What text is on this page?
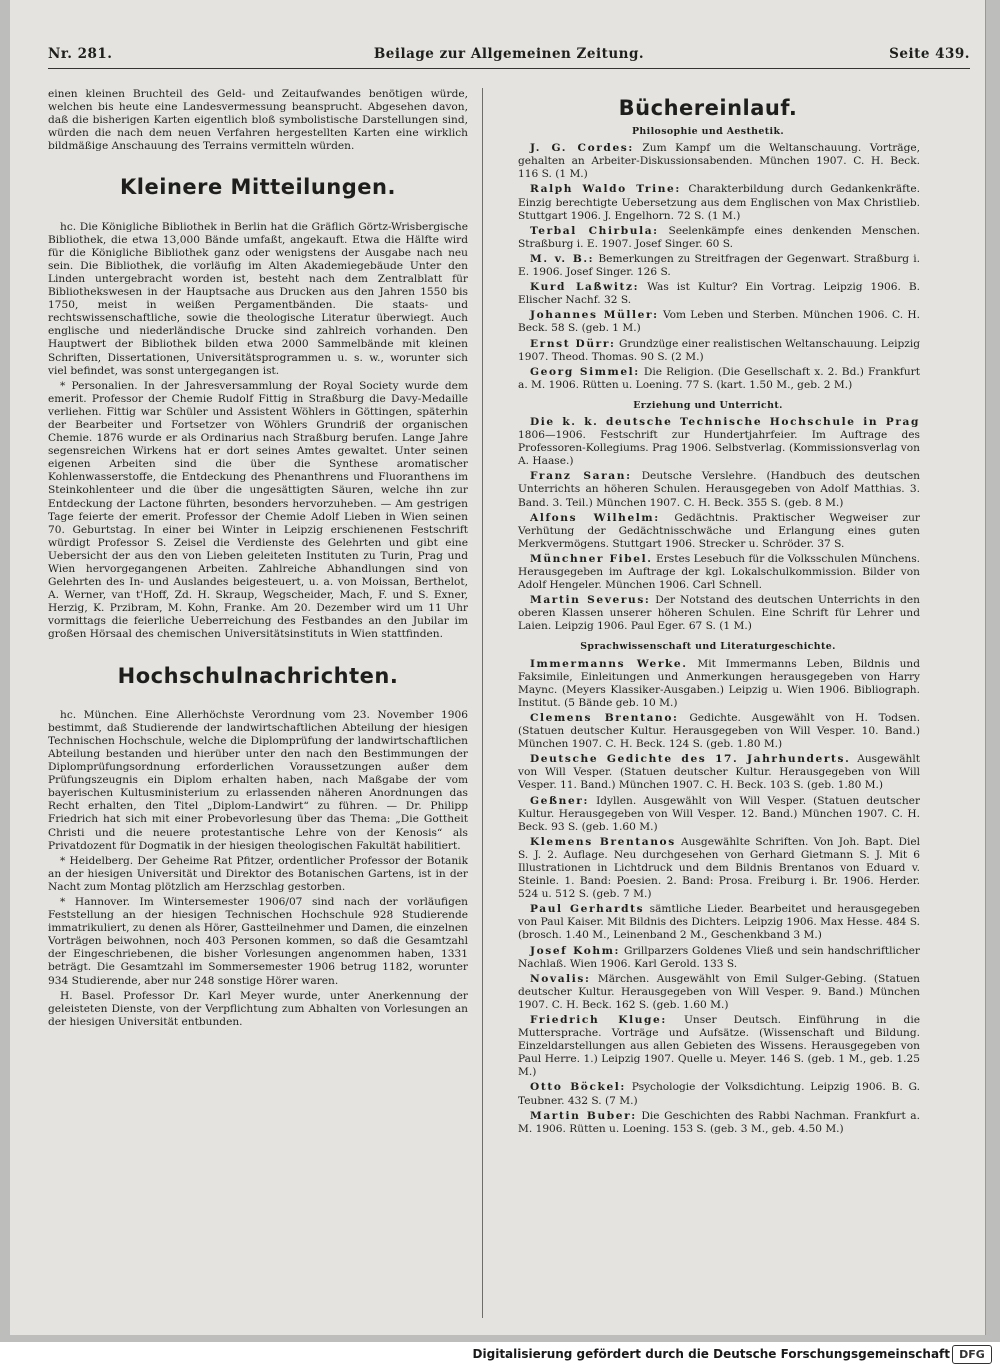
Nr. 281.	Beilage zur Allgemeinen Zeitung.	Seite 439.

einen kleinen Bruchteil des Geld- und Zeitaufwandes benötigen würde, welchen bis heute eine Landesvermessung beansprucht. Abgesehen davon, daß die bisherigen Karten eigentlich bloß symbolistische Darstellungen sind, würden die nach dem neuen Verfahren hergestellten Karten eine wirklich bildmäßige Anschauung des Terrains vermitteln würden.

Kleinere Mitteilungen.

hc. Die Königliche Bibliothek in Berlin hat die Gräflich Görtz-Wrisbergische Bibliothek, die etwa 13,000 Bände umfaßt, angekauft. Etwa die Hälfte wird für die Königliche Bibliothek ganz oder wenigstens der Ausgabe nach neu sein. Die Bibliothek, die vorläufig im Alten Akademiegebäude Unter den Linden untergebracht worden ist, besteht nach dem Zentralblatt für Bibliothekswesen in der Hauptsache aus Drucken aus den Jahren 1550 bis 1750, meist in weißen Pergamentbänden. Die staats- und rechtswissenschaftliche, sowie die theologische Literatur überwiegt. Auch englische und niederländische Drucke sind zahlreich vorhanden. Den Hauptwert der Bibliothek bilden etwa 2000 Sammelbände mit kleinen Schriften, Dissertationen, Universitätsprogrammen u. s. w., worunter sich viel befindet, was sonst untergegangen ist.

* Personalien. In der Jahresversammlung der Royal Society wurde dem emerit. Professor der Chemie Rudolf Fittig in Straßburg die Davy-Medaille verliehen. Fittig war Schüler und Assistent Wöhlers in Göttingen, späterhin der Bearbeiter und Fortsetzer von Wöhlers Grundriß der organischen Chemie. 1876 wurde er als Ordinarius nach Straßburg berufen. Lange Jahre segensreichen Wirkens hat er dort seines Amtes gewaltet. Unter seinen eigenen Arbeiten sind die über die Synthese aromatischer Kohlenwasserstoffe, die Entdeckung des Phenanthrens und Fluoranthens im Steinkohlenteer und die über die ungesättigten Säuren, welche ihn zur Entdeckung der Lactone führten, besonders hervorzuheben. — Am gestrigen Tage feierte der emerit. Professor der Chemie Adolf Lieben in Wien seinen 70. Geburtstag. In einer bei Winter in Leipzig erschienenen Festschrift würdigt Professor S. Zeisel die Verdienste des Gelehrten und gibt eine Uebersicht der aus den von Lieben geleiteten Instituten zu Turin, Prag und Wien hervorgegangenen Arbeiten. Zahlreiche Abhandlungen sind von Gelehrten des In- und Auslandes beigesteuert, u. a. von Moissan, Berthelot, A. Werner, van t'Hoff, Zd. H. Skraup, Wegscheider, Mach, F. und S. Exner, Herzig, K. Przibram, M. Kohn, Franke. Am 20. Dezember wird um 11 Uhr vormittags die feierliche Ueberreichung des Festbandes an den Jubilar im großen Hörsaal des chemischen Universitätsinstituts in Wien stattfinden.

Hochschulnachrichten.

hc. München. Eine Allerhöchste Verordnung vom 23. November 1906 bestimmt, daß Studierende der landwirtschaftlichen Abteilung der hiesigen Technischen Hochschule, welche die Diplomprüfung der landwirtschaftlichen Abteilung bestanden und hierüber unter den nach den Bestimmungen der Diplomprüfungsordnung erforderlichen Voraussetzungen außer dem Prüfungszeugnis ein Diplom erhalten haben, nach Maßgabe der vom bayerischen Kultusministerium zu erlassenden näheren Anordnungen das Recht erhalten, den Titel „Diplom-Landwirt“ zu führen. — Dr. Philipp Friedrich hat sich mit einer Probevorlesung über das Thema: „Die Gottheit Christi und die neuere protestantische Lehre von der Kenosis“ als Privatdozent für Dogmatik in der hiesigen theologischen Fakultät habilitiert.

* Heidelberg. Der Geheime Rat Pfitzer, ordentlicher Professor der Botanik an der hiesigen Universität und Direktor des Botanischen Gartens, ist in der Nacht zum Montag plötzlich am Herzschlag gestorben.

* Hannover. Im Wintersemester 1906/07 sind nach der vorläufigen Feststellung an der hiesigen Technischen Hochschule 928 Studierende immatrikuliert, zu denen als Hörer, Gastteilnehmer und Damen, die einzelnen Vorträgen beiwohnen, noch 403 Personen kommen, so daß die Gesamtzahl der Eingeschriebenen, die bisher Vorlesungen angenommen haben, 1331 beträgt. Die Gesamtzahl im Sommersemester 1906 betrug 1182, worunter 934 Studierende, aber nur 248 sonstige Hörer waren.

H. Basel. Professor Dr. Karl Meyer wurde, unter Anerkennung der geleisteten Dienste, von der Verpflichtung zum Abhalten von Vorlesungen an der hiesigen Universität entbunden.

Büchereinlauf.
Philosophie und Aesthetik.

J. G. Cordes: Zum Kampf um die Weltanschauung. Vorträge, gehalten an Arbeiter-Diskussionsabenden. München 1907. C. H. Beck. 116 S. (1 M.)

Ralph Waldo Trine: Charakterbildung durch Gedankenkräfte. Einzig berechtigte Uebersetzung aus dem Englischen von Max Christlieb. Stuttgart 1906. J. Engelhorn. 72 S. (1 M.)

Terbal Chirbula: Seelenkämpfe eines denkenden Menschen. Straßburg i. E. 1907. Josef Singer. 60 S.

M. v. B.: Bemerkungen zu Streitfragen der Gegenwart. Straßburg i. E. 1906. Josef Singer. 126 S.

Kurd Laßwitz: Was ist Kultur? Ein Vortrag. Leipzig 1906. B. Elischer Nachf. 32 S.

Johannes Müller: Vom Leben und Sterben. München 1906. C. H. Beck. 58 S. (geb. 1 M.)

Ernst Dürr: Grundzüge einer realistischen Weltanschauung. Leipzig 1907. Theod. Thomas. 90 S. (2 M.)

Georg Simmel: Die Religion. (Die Gesellschaft x. 2. Bd.) Frankfurt a. M. 1906. Rütten u. Loening. 77 S. (kart. 1.50 M., geb. 2 M.)

Erziehung und Unterricht.

Die k. k. deutsche Technische Hochschule in Prag 1806—1906. Festschrift zur Hundertjahrfeier. Im Auftrage des Professoren-Kollegiums. Prag 1906. Selbstverlag. (Kommissionsverlag von A. Haase.)

Franz Saran: Deutsche Verslehre. (Handbuch des deutschen Unterrichts an höheren Schulen. Herausgegeben von Adolf Matthias. 3. Band. 3. Teil.) München 1907. C. H. Beck. 355 S. (geb. 8 M.)

Alfons Wilhelm: Gedächtnis. Praktischer Wegweiser zur Verhütung der Gedächtnisschwäche und Erlangung eines guten Merkvermögens. Stuttgart 1906. Strecker u. Schröder. 37 S.

Münchner Fibel. Erstes Lesebuch für die Volksschulen Münchens. Herausgegeben im Auftrage der kgl. Lokalschulkommission. Bilder von Adolf Hengeler. München 1906. Carl Schnell.

Martin Severus: Der Notstand des deutschen Unterrichts in den oberen Klassen unserer höheren Schulen. Eine Schrift für Lehrer und Laien. Leipzig 1906. Paul Eger. 67 S. (1 M.)

Sprachwissenschaft und Literaturgeschichte.

Immermanns Werke. Mit Immermanns Leben, Bildnis und Faksimile, Einleitungen und Anmerkungen herausgegeben von Harry Maync. (Meyers Klassiker-Ausgaben.) Leipzig u. Wien 1906. Bibliograph. Institut. (5 Bände geb. 10 M.)

Clemens Brentano: Gedichte. Ausgewählt von H. Todsen. (Statuen deutscher Kultur. Herausgegeben von Will Vesper. 10. Band.) München 1907. C. H. Beck. 124 S. (geb. 1.80 M.)

Deutsche Gedichte des 17. Jahrhunderts. Ausgewählt von Will Vesper. (Statuen deutscher Kultur. Herausgegeben von Will Vesper. 11. Band.) München 1907. C. H. Beck. 103 S. (geb. 1.80 M.)

Geßner: Idyllen. Ausgewählt von Will Vesper. (Statuen deutscher Kultur. Herausgegeben von Will Vesper. 12. Band.) München 1907. C. H. Beck. 93 S. (geb. 1.60 M.)

Klemens Brentanos Ausgewählte Schriften. Von Joh. Bapt. Diel S. J. 2. Auflage. Neu durchgesehen von Gerhard Gietmann S. J. Mit 6 Illustrationen in Lichtdruck und dem Bildnis Brentanos von Eduard v. Steinle. 1. Band: Poesien. 2. Band: Prosa. Freiburg i. Br. 1906. Herder. 524 u. 512 S. (geb. 7 M.)

Paul Gerhardts sämtliche Lieder. Bearbeitet und herausgegeben von Paul Kaiser. Mit Bildnis des Dichters. Leipzig 1906. Max Hesse. 484 S. (brosch. 1.40 M., Leinenband 2 M., Geschenkband 3 M.)

Josef Kohm: Grillparzers Goldenes Vließ und sein handschriftlicher Nachlaß. Wien 1906. Karl Gerold. 133 S.

Novalis: Märchen. Ausgewählt von Emil Sulger-Gebing. (Statuen deutscher Kultur. Herausgegeben von Will Vesper. 9. Band.) München 1907. C. H. Beck. 162 S. (geb. 1.60 M.)

Friedrich Kluge: Unser Deutsch. Einführung in die Muttersprache. Vorträge und Aufsätze. (Wissenschaft und Bildung. Einzeldarstellungen aus allen Gebieten des Wissens. Herausgegeben von Paul Herre. 1.) Leipzig 1907. Quelle u. Meyer. 146 S. (geb. 1 M., geb. 1.25 M.)

Otto Böckel: Psychologie der Volksdichtung. Leipzig 1906. B. G. Teubner. 432 S. (7 M.)

Martin Buber: Die Geschichten des Rabbi Nachman. Frankfurt a. M. 1906. Rütten u. Loening. 153 S. (geb. 3 M., geb. 4.50 M.)

Digitalisierung gefördert durch die Deutsche Forschungsgemeinschaft DFG
